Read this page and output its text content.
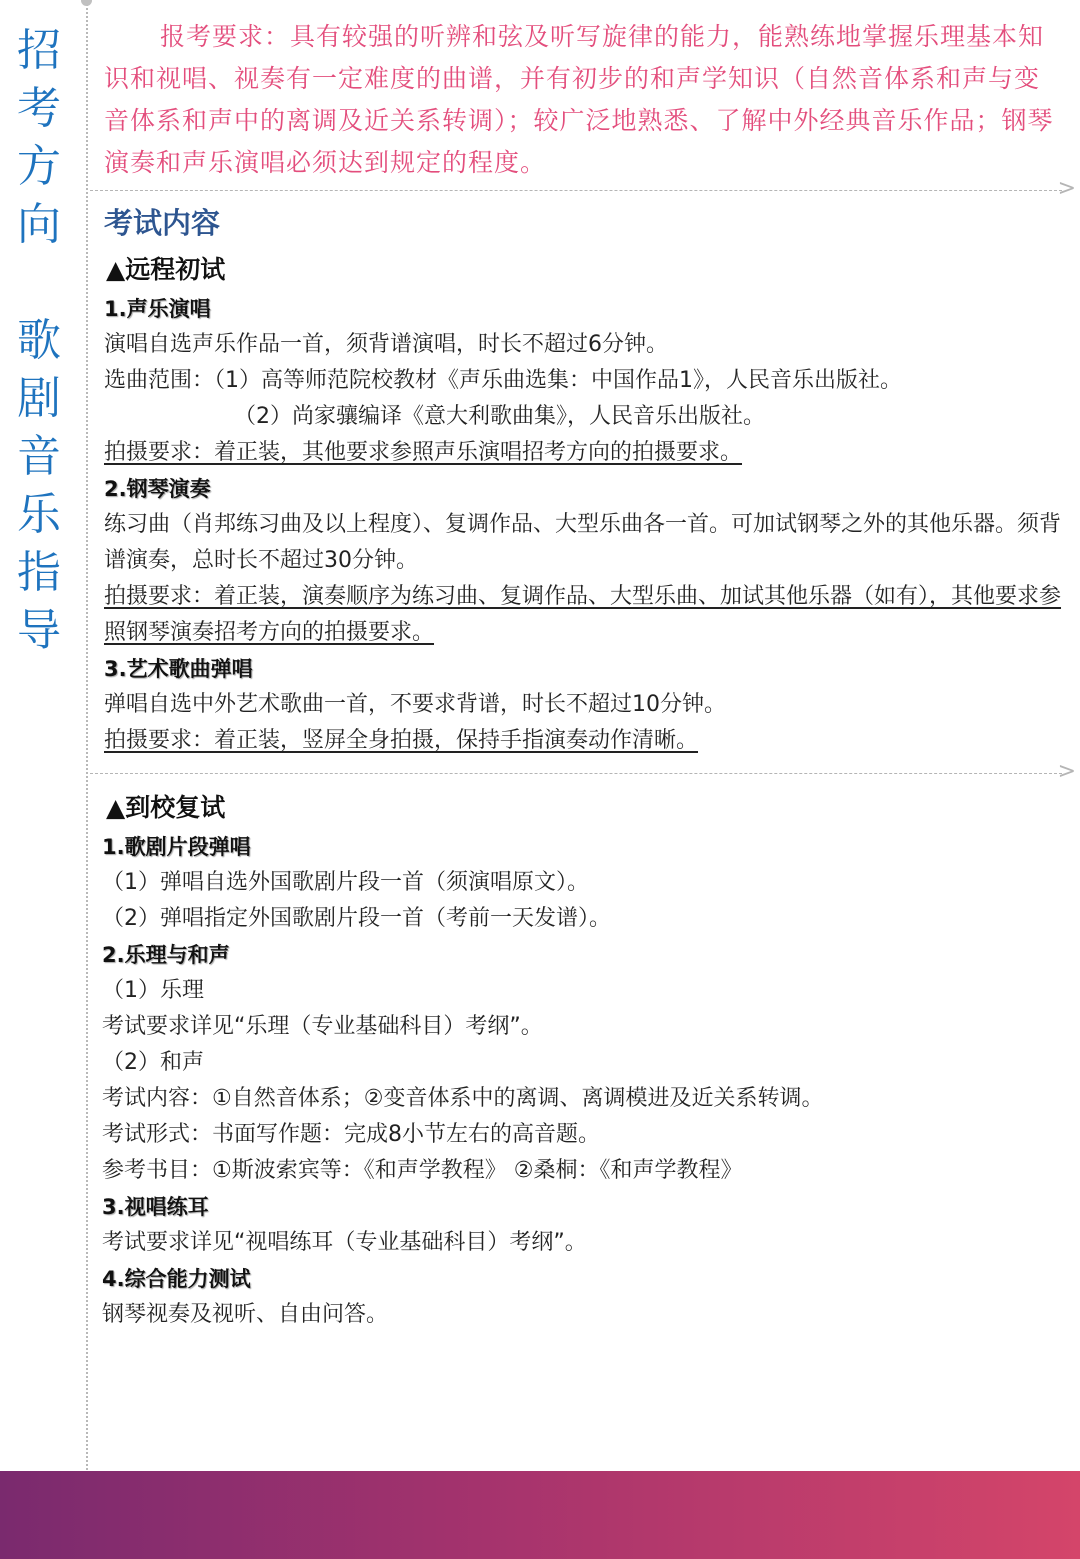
招
考
方
向
歌
剧
音
乐
指
导
>
>

报考要求：具有较强的听辨和弦及听写旋律的能力，能熟练地掌握乐理基本知识和视唱、视奏有一定难度的曲谱，并有初步的和声学知识（自然音体系和声与变音体系和声中的离调及近关系转调）；较广泛地熟悉、了解中外经典音乐作品；钢琴演奏和声乐演唱必须达到规定的程度。

考试内容
▲远程初试
1.声乐演唱
演唱自选声乐作品一首，须背谱演唱，时长不超过6分钟。
选曲范围：（1）高等师范院校教材《声乐曲选集：中国作品1》，人民音乐出版社。
（2）尚家骧编译《意大利歌曲集》，人民音乐出版社。
拍摄要求：着正装，其他要求参照声乐演唱招考方向的拍摄要求。
2.钢琴演奏
练习曲（肖邦练习曲及以上程度）、复调作品、大型乐曲各一首。可加试钢琴之外的其他乐器。须背谱演奏，总时长不超过30分钟。
拍摄要求：着正装，演奏顺序为练习曲、复调作品、大型乐曲、加试其他乐器（如有），其他要求参照钢琴演奏招考方向的拍摄要求。
3.艺术歌曲弹唱
弹唱自选中外艺术歌曲一首，不要求背谱，时长不超过10分钟。
拍摄要求：着正装，竖屏全身拍摄，保持手指演奏动作清晰。
▲到校复试
1.歌剧片段弹唱
（1）弹唱自选外国歌剧片段一首（须演唱原文）。
（2）弹唱指定外国歌剧片段一首（考前一天发谱）。
2.乐理与和声
（1）乐理
考试要求详见“乐理（专业基础科目）考纲”。
（2）和声
考试内容：①自然音体系；②变音体系中的离调、离调模进及近关系转调。
考试形式：书面写作题：完成8小节左右的高音题。
参考书目：①斯波索宾等：《和声学教程》 ②桑桐：《和声学教程》
3.视唱练耳
考试要求详见“视唱练耳（专业基础科目）考纲”。
4.综合能力测试
钢琴视奏及视听、自由问答。
